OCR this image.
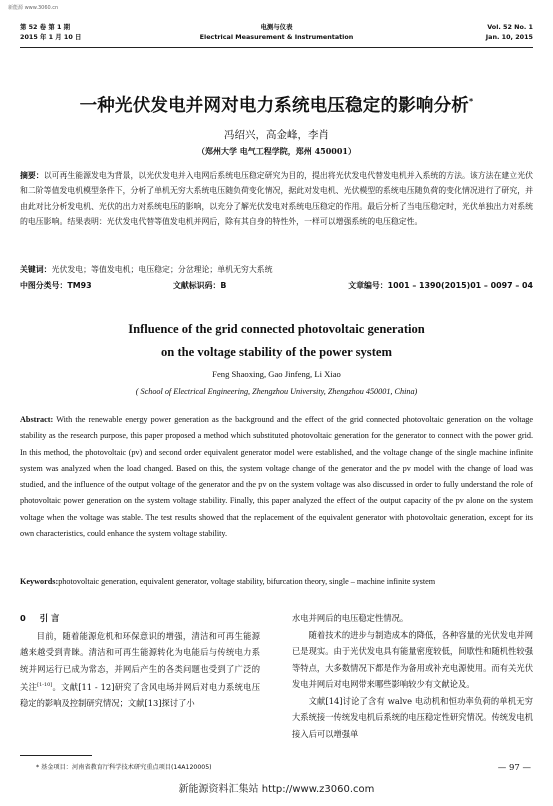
新能源 www.3060.cn
第 52 卷 第 1 期
2015 年 1 月 10 日
电测与仪表
Electrical Measurement & Instrumentation
Vol. 52 No. 1
Jan. 10, 2015
一种光伏发电并网对电力系统电压稳定的影响分析*
冯绍兴，高金峰，李肖
（郑州大学 电气工程学院，郑州 450001）
摘要：以可再生能源发电为背景，以光伏发电并入电网后系统电压稳定研究为目的，提出将光伏发电代替发电机并入系统的方法。该方法在建立光伏和二阶等值发电机模型条件下，分析了单机无穷大系统电压随负荷变化情况，据此对发电机、光伏模型的系统电压随负荷的变化情况进行了研究，并由此对比分析发电机、光伏的出力对系统电压的影响，以充分了解光伏发电对系统电压稳定的作用。最后分析了当电压稳定时，光伏单独出力对系统的电压影响。结果表明：光伏发电代替等值发电机并网后，除有其自身的特性外，一样可以增强系统的电压稳定性。
关键词：光伏发电；等值发电机；电压稳定；分岔理论；单机无穷大系统
中图分类号：TM93	文献标识码：B	文章编号：1001 – 1390(2015)01 – 0097 – 04
Influence of the grid connected photovoltaic generation
on the voltage stability of the power system
Feng Shaoxing, Gao Jinfeng, Li Xiao
( School of Electrical Engineering, Zhengzhou University, Zhengzhou 450001, China)
Abstract: With the renewable energy power generation as the background and the effect of the grid connected photovoltaic generation on the voltage stability as the research purpose, this paper proposed a method which substituted photovoltaic generation for the generator to connect with the power grid. In this method, the photovoltaic (pv) and second order equivalent generator model were established, and the voltage change of the single machine infinite system was analyzed when the load changed. Based on this, the system voltage change of the generator and the pv model with the change of load was studied, and the influence of the output voltage of the generator and the pv on the system voltage was also discussed in order to fully understand the role of photovoltaic power generation on the system voltage stability. Finally, this paper analyzed the effect of the output capacity of the pv alone on the system voltage when the voltage was stable. The test results showed that the replacement of the equivalent generator with photovoltaic generation, except for its own characteristics, could enhance the system voltage stability.
Keywords:photovoltaic generation, equivalent generator, voltage stability, bifurcation theory, single – machine infinite system
0 引 言
目前，随着能源危机和环保意识的增强，清洁和可再生能源越来越受到青睐。清洁和可再生能源转化为电能后与传统电力系统并网运行已成为常态，并网后产生的各类问题也受到了广泛的关注[1-10]。文献[11 - 12]研究了含风电场并网后对电力系统电压稳定的影响及控制研究情况；文献[13]探讨了小
水电并网后的电压稳定性情况。
随着技术的进步与制造成本的降低，各种容量的光伏发电并网已是现实。由于光伏发电具有能量密度较低，间歇性和随机性较强等特点，大多数情况下都是作为备用或补充电源使用。而有关光伏发电并网后对电网带来哪些影响较少有文献论及。
文献[14]讨论了含有 walve 电动机和恒功率负荷的单机无穷大系统接一传统发电机后系统的电压稳定性研究情况。传统发电机接入后可以增强单
* 基金项目：河南省教育厅科学技术研究重点项目(14A120005)	— 97 —
新能源资料汇集站 http://www.z3060.com
